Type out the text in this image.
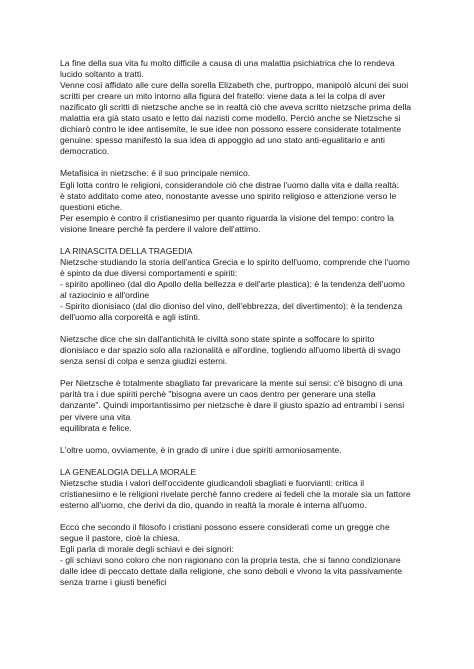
La fine della sua vita fu molto difficile a causa di una malattia psichiatrica che lo rendeva
lucido soltanto a tratti.
Venne così affidato alle cure della sorella Elizabeth che, purtroppo, manipolò alcuni dei suoi
scritti per creare un mito intorno alla figura del fratello: viene data a lei la colpa di aver
nazificato gli scritti di nietzsche anche se in realtà ciò che aveva scritto nietzsche prima della
malattia era già stato usato e letto dai nazisti come modello. Perciò anche se Nietzsche si
dichiarò contro le idee antisemite, le sue idee non possono essere considerate totalmente
genuine: spesso manifestò la sua idea di appoggio ad uno stato anti-egualitario e anti
democratico.

Metafisica in nietzsche: è il suo principale nemico.
Egli lotta contro le religioni, considerandole ciò che distrae l'uomo dalla vita e dalla realtà:
è stato additato come ateo, nonostante avesse uno spirito religioso e attenzione verso le
questioni etiche.
Per esempio è contro il cristianesimo per quanto riguarda la visione del tempo: contro la
visione lineare perchè fa perdere il valore dell'attimo.

LA RINASCITA DELLA TRAGEDIA
Nietzsche studiando la storia dell'antica Grecia e lo spirito dell'uomo, comprende che l'uomo
è spinto da due diversi comportamenti e spiriti:
- spirito apollineo (dal dio Apollo della bellezza e dell'arte plastica): è la tendenza dell'uomo
al raziocinio e all'ordine
- Spirito dionisiaco (dal dio dioniso del vino, dell'ebbrezza, del divertimento): è la tendenza
dell'uomo alla corporeità e agli istinti.

Nietzsche dice che sin dall'antichità le civiltà sono state spinte a soffocare lo spirito
dionisiaco e dar spazio solo alla razionalità e all'ordine, togliendo all'uomo libertà di svago
senza sensi di colpa e senza giudizi esterni.

Per Nietzsche è totalmente sbagliato far prevaricare la mente sui sensi: c'è bisogno di una
parità tra i due spiriti perchè "bisogna avere un caos dentro per generare una stella
danzante". Quindi importantissimo per nietzsche è dare il giusto spazio ad entrambi i sensi
per vivere una vita
equilibrata e felice.

L'oltre uomo, ovviamente, è in grado di unire i due spiriti armoniosamente.

LA GENEALOGIA DELLA MORALE
Nietzsche studia i valori dell'occidente giudicandoli sbagliati e fuorvianti: critica il
cristianesimo e le religioni rivelate perchè fanno credere ai fedeli che la morale sia un fattore
esterno all'uomo, che derivi da dio, quando in realtà la morale è interna all'uomo.

Ecco che secondo il filosofo i cristiani possono essere considerati come un gregge che
segue il pastore, cioè la chiesa.
Egli parla di morale degli schiavi e dei signori:
- gli schiavi sono coloro che non ragionano con la propria testa, che si fanno condizionare
dalle idee di peccato dettate dalla religione, che sono deboli e vivono la vita passivamente
senza trarne i giusti benefici
